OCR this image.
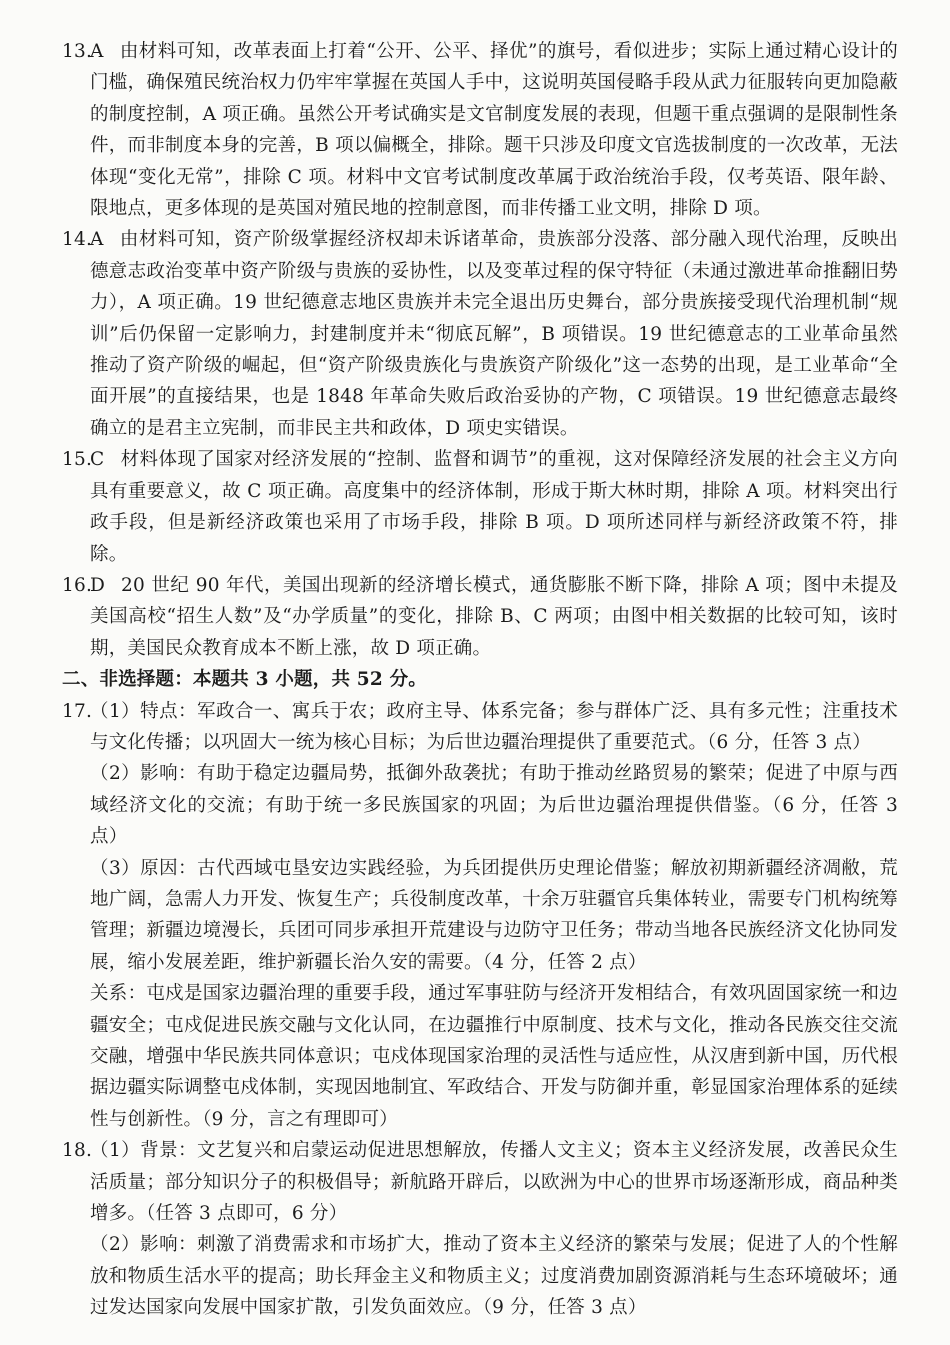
13.
A 由材料可知，改革表面上打着“公开、公平、择优”的旗号，看似进步；实际上通过精心设计的门槛，确保殖民统治权力仍牢牢掌握在英国人手中，这说明英国侵略手段从武力征服转向更加隐蔽的制度控制，A 项正确。虽然公开考试确实是文官制度发展的表现，但题干重点强调的是限制性条件，而非制度本身的完善，B 项以偏概全，排除。题干只涉及印度文官选拔制度的一次改革，无法体现“变化无常”，排除 C 项。材料中文官考试制度改革属于政治统治手段，仅考英语、限年龄、限地点，更多体现的是英国对殖民地的控制意图，而非传播工业文明，排除 D 项。
14.
A 由材料可知，资产阶级掌握经济权却未诉诸革命，贵族部分没落、部分融入现代治理，反映出德意志政治变革中资产阶级与贵族的妥协性，以及变革过程的保守特征（未通过激进革命推翻旧势力），A 项正确。19 世纪德意志地区贵族并未完全退出历史舞台，部分贵族接受现代治理机制“规训”后仍保留一定影响力，封建制度并未“彻底瓦解”，B 项错误。19 世纪德意志的工业革命虽然推动了资产阶级的崛起，但“资产阶级贵族化与贵族资产阶级化”这一态势的出现，是工业革命“全面开展”的直接结果，也是 1848 年革命失败后政治妥协的产物，C 项错误。19 世纪德意志最终确立的是君主立宪制，而非民主共和政体，D 项史实错误。
15.
C 材料体现了国家对经济发展的“控制、监督和调节”的重视，这对保障经济发展的社会主义方向具有重要意义，故 C 项正确。高度集中的经济体制，形成于斯大林时期，排除 A 项。材料突出行政手段，但是新经济政策也采用了市场手段，排除 B 项。D 项所述同样与新经济政策不符，排除。
16.
D 20 世纪 90 年代，美国出现新的经济增长模式，通货膨胀不断下降，排除 A 项；图中未提及美国高校“招生人数”及“办学质量”的变化，排除 B、C 两项；由图中相关数据的比较可知，该时期，美国民众教育成本不断上涨，故 D 项正确。
二、非选择题：本题共 3 小题，共 52 分。
17.
（1）特点：军政合一、寓兵于农；政府主导、体系完备；参与群体广泛、具有多元性；注重技术与文化传播；以巩固大一统为核心目标；为后世边疆治理提供了重要范式。（6 分，任答 3 点）
（2）影响：有助于稳定边疆局势，抵御外敌袭扰；有助于推动丝路贸易的繁荣；促进了中原与西域经济文化的交流；有助于统一多民族国家的巩固；为后世边疆治理提供借鉴。（6 分，任答 3 点）
（3）原因：古代西域屯垦安边实践经验，为兵团提供历史理论借鉴；解放初期新疆经济凋敝，荒地广阔，急需人力开发、恢复生产；兵役制度改革，十余万驻疆官兵集体转业，需要专门机构统筹管理；新疆边境漫长，兵团可同步承担开荒建设与边防守卫任务；带动当地各民族经济文化协同发展，缩小发展差距，维护新疆长治久安的需要。（4 分，任答 2 点）
关系：屯戍是国家边疆治理的重要手段，通过军事驻防与经济开发相结合，有效巩固国家统一和边疆安全；屯戍促进民族交融与文化认同，在边疆推行中原制度、技术与文化，推动各民族交往交流交融，增强中华民族共同体意识；屯戍体现国家治理的灵活性与适应性，从汉唐到新中国，历代根据边疆实际调整屯戍体制，实现因地制宜、军政结合、开发与防御并重，彰显国家治理体系的延续性与创新性。（9 分，言之有理即可）
18.
（1）背景：文艺复兴和启蒙运动促进思想解放，传播人文主义；资本主义经济发展，改善民众生活质量；部分知识分子的积极倡导；新航路开辟后，以欧洲为中心的世界市场逐渐形成，商品种类增多。（任答 3 点即可，6 分）
（2）影响：刺激了消费需求和市场扩大，推动了资本主义经济的繁荣与发展；促进了人的个性解放和物质生活水平的提高；助长拜金主义和物质主义；过度消费加剧资源消耗与生态环境破坏；通过发达国家向发展中国家扩散，引发负面效应。（9 分，任答 3 点）
